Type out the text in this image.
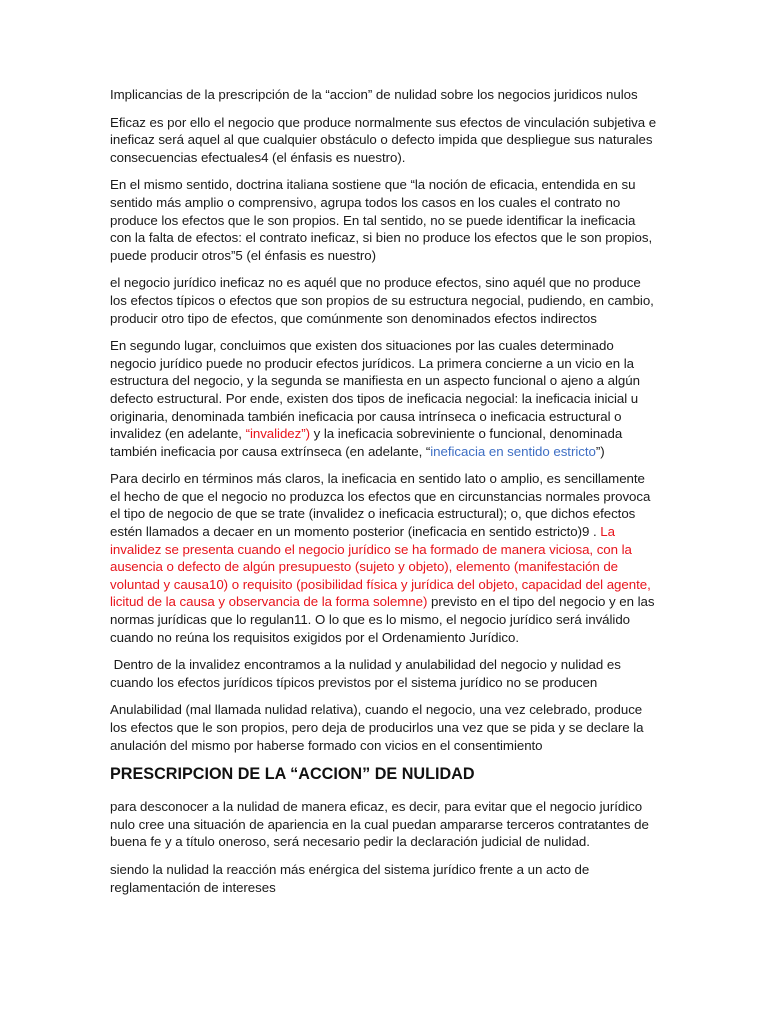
Implicancias de la prescripción de la “accion” de nulidad sobre los negocios juridicos nulos

Eficaz es por ello el negocio que produce normalmente sus efectos de vinculación subjetiva e ineficaz será aquel al que cualquier obstáculo o defecto impida que despliegue sus naturales consecuencias efectuales4 (el énfasis es nuestro).

En el mismo sentido, doctrina italiana sostiene que “la noción de eficacia, entendida en su sentido más amplio o comprensivo, agrupa todos los casos en los cuales el contrato no produce los efectos que le son propios. En tal sentido, no se puede identificar la ineficacia con la falta de efectos: el contrato ineficaz, si bien no produce los efectos que le son propios, puede producir otros”5 (el énfasis es nuestro)

el negocio jurídico ineficaz no es aquél que no produce efectos, sino aquél que no produce los efectos típicos o efectos que son propios de su estructura negocial, pudiendo, en cambio, producir otro tipo de efectos, que comúnmente son denominados efectos indirectos

En segundo lugar, concluimos que existen dos situaciones por las cuales determinado negocio jurídico puede no producir efectos jurídicos. La primera concierne a un vicio en la estructura del negocio, y la segunda se manifiesta en un aspecto funcional o ajeno a algún defecto estructural. Por ende, existen dos tipos de ineficacia negocial: la ineficacia inicial u originaria, denominada también ineficacia por causa intrínseca o ineficacia estructural o invalidez (en adelante, “invalidez”) y la ineficacia sobreviniente o funcional, denominada también ineficacia por causa extrínseca (en adelante, “ineficacia en sentido estricto”)

Para decirlo en términos más claros, la ineficacia en sentido lato o amplio, es sencillamente el hecho de que el negocio no produzca los efectos que en circunstancias normales provoca el tipo de negocio de que se trate (invalidez o ineficacia estructural); o, que dichos efectos estén llamados a decaer en un momento posterior (ineficacia en sentido estricto)9 . La invalidez se presenta cuando el negocio jurídico se ha formado de manera viciosa, con la ausencia o defecto de algún presupuesto (sujeto y objeto), elemento (manifestación de voluntad y causa10) o requisito (posibilidad física y jurídica del objeto, capacidad del agente, licitud de la causa y observancia de la forma solemne) previsto en el tipo del negocio y en las normas jurídicas que lo regulan11. O lo que es lo mismo, el negocio jurídico será inválido cuando no reúna los requisitos exigidos por el Ordenamiento Jurídico.

Dentro de la invalidez encontramos a la nulidad y anulabilidad del negocio y nulidad es cuando los efectos jurídicos típicos previstos por el sistema jurídico no se producen

Anulabilidad (mal llamada nulidad relativa), cuando el negocio, una vez celebrado, produce los efectos que le son propios, pero deja de producirlos una vez que se pida y se declare la anulación del mismo por haberse formado con vicios en el consentimiento

PRESCRIPCION DE LA “ACCION” DE NULIDAD

para desconocer a la nulidad de manera eficaz, es decir, para evitar que el negocio jurídico nulo cree una situación de apariencia en la cual puedan ampararse terceros contratantes de buena fe y a título oneroso, será necesario pedir la declaración judicial de nulidad.

siendo la nulidad la reacción más enérgica del sistema jurídico frente a un acto de reglamentación de intereses
